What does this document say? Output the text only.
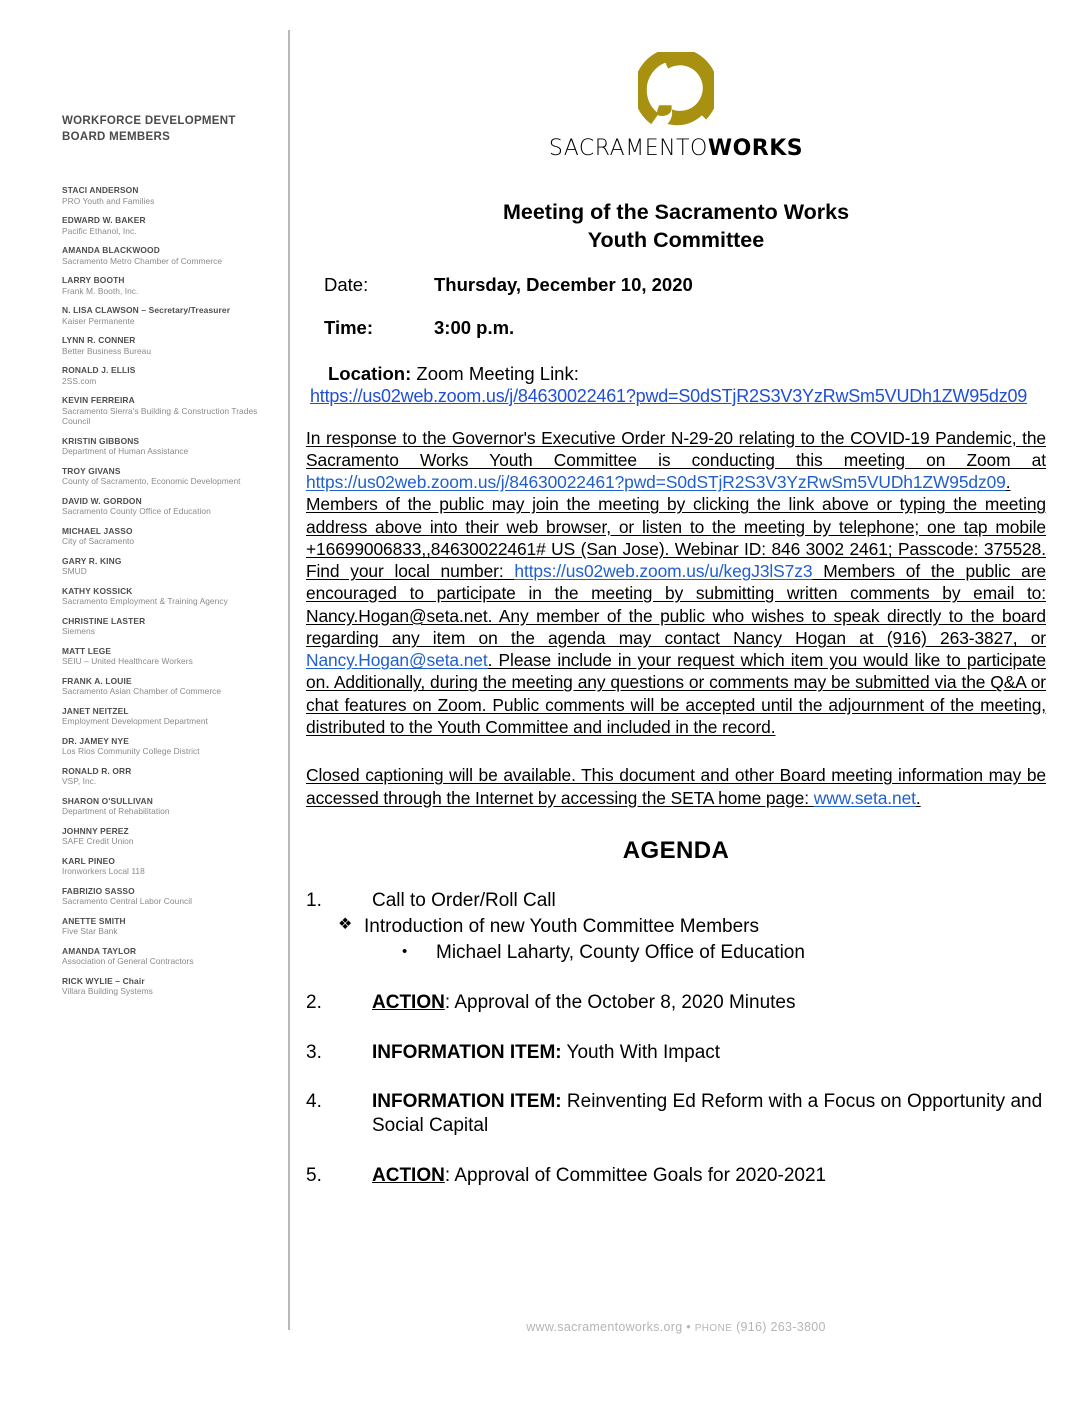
WORKFORCE DEVELOPMENT BOARD MEMBERS
STACI ANDERSON
PRO Youth and Families
EDWARD W. BAKER
Pacific Ethanol, Inc.
AMANDA BLACKWOOD
Sacramento Metro Chamber of Commerce
LARRY BOOTH
Frank M. Booth, Inc.
N. LISA CLAWSON – Secretary/Treasurer
Kaiser Permanente
LYNN R. CONNER
Better Business Bureau
RONALD J. ELLIS
2SS.com
KEVIN FERREIRA
Sacramento Sierra's Building & Construction Trades Council
KRISTIN GIBBONS
Department of Human Assistance
TROY GIVANS
County of Sacramento, Economic Development
DAVID W. GORDON
Sacramento County Office of Education
MICHAEL JASSO
City of Sacramento
GARY R. KING
SMUD
KATHY KOSSICK
Sacramento Employment & Training Agency
CHRISTINE LASTER
Siemens
MATT LEGE
SEIU – United Healthcare Workers
FRANK A. LOUIE
Sacramento Asian Chamber of Commerce
JANET NEITZEL
Employment Development Department
DR. JAMEY NYE
Los Rios Community College District
RONALD R. ORR
VSP, Inc.
SHARON O'SULLIVAN
Department of Rehabilitation
JOHNNY PEREZ
SAFE Credit Union
KARL PINEO
Ironworkers Local 118
FABRIZIO SASSO
Sacramento Central Labor Council
ANETTE SMITH
Five Star Bank
AMANDA TAYLOR
Association of General Contractors
RICK WYLIE – Chair
Villara Building Systems
SACRAMENTOWORKS
Meeting of the Sacramento Works
Youth Committee
Date:	Thursday, December 10, 2020
Time:	3:00 p.m.
Location: Zoom Meeting Link:
https://us02web.zoom.us/j/84630022461?pwd=S0dSTjR2S3V3YzRwSm5VUDh1ZW95dz09

In response to the Governor's Executive Order N-29-20 relating to the COVID-19 Pandemic, the Sacramento Works Youth Committee is conducting this meeting on Zoom at https://us02web.zoom.us/j/84630022461?pwd=S0dSTjR2S3V3YzRwSm5VUDh1ZW95dz09. Members of the public may join the meeting by clicking the link above or typing the meeting address above into their web browser, or listen to the meeting by telephone; one tap mobile +16699006833,,84630022461# US (San Jose). Webinar ID: 846 3002 2461; Passcode: 375528. Find your local number: https://us02web.zoom.us/u/kegJ3lS7z3 Members of the public are encouraged to participate in the meeting by submitting written comments by email to: Nancy.Hogan@seta.net. Any member of the public who wishes to speak directly to the board regarding any item on the agenda may contact Nancy Hogan at (916) 263-3827, or Nancy.Hogan@seta.net. Please include in your request which item you would like to participate on. Additionally, during the meeting any questions or comments may be submitted via the Q&A or chat features on Zoom. Public comments will be accepted until the adjournment of the meeting, distributed to the Youth Committee and included in the record.

Closed captioning will be available. This document and other Board meeting information may be accessed through the Internet by accessing the SETA home page: www.seta.net.

AGENDA
1.	Call to Order/Roll Call
❖ Introduction of new Youth Committee Members
•	Michael Laharty, County Office of Education
2.	ACTION: Approval of the October 8, 2020 Minutes
3.	INFORMATION ITEM: Youth With Impact
4.	INFORMATION ITEM: Reinventing Ed Reform with a Focus on Opportunity and Social Capital
5.	ACTION: Approval of Committee Goals for 2020-2021
www.sacramentoworks.org • PHONE (916) 263-3800
